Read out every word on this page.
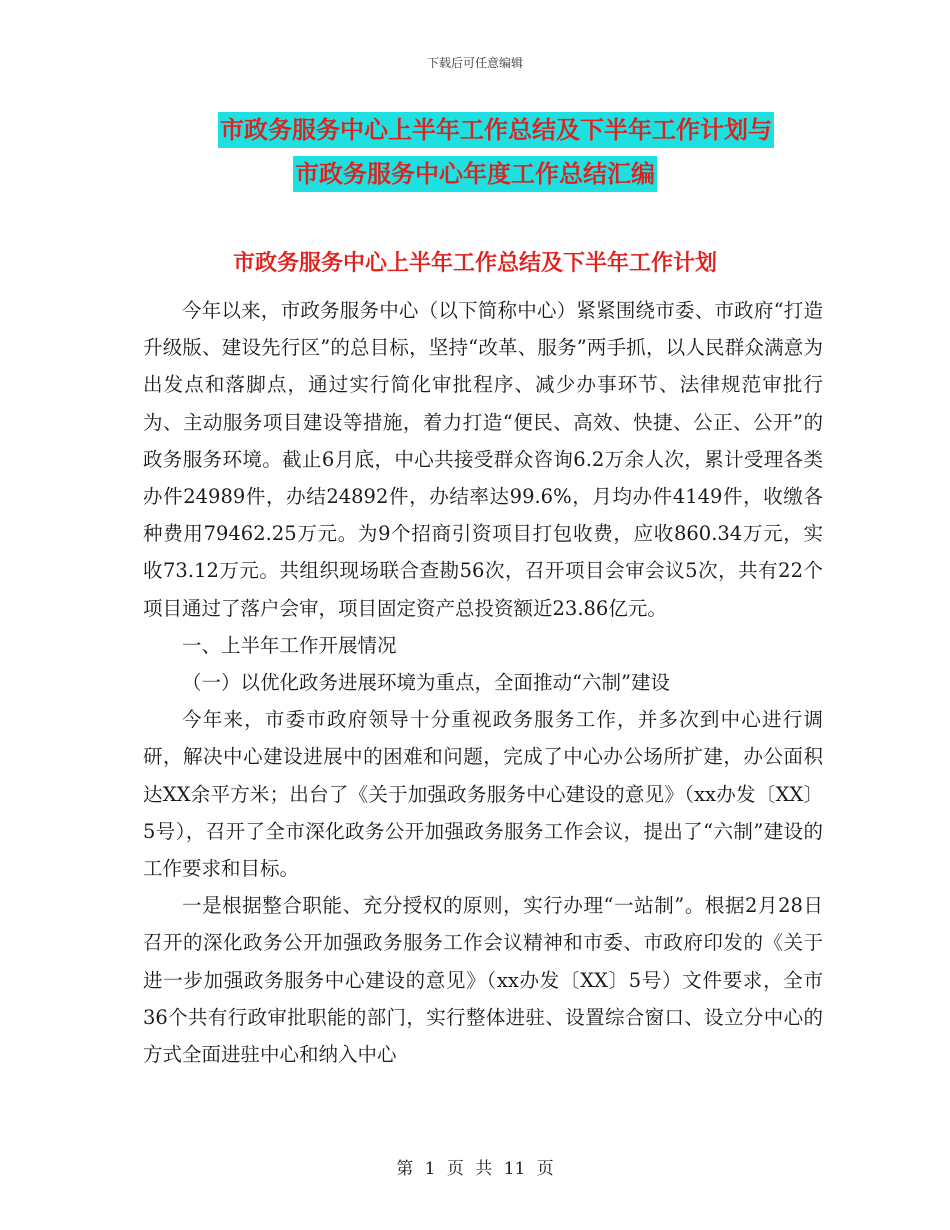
下载后可任意编辑
市政务服务中心上半年工作总结及下半年工作计划与
市政务服务中心年度工作总结汇编
市政务服务中心上半年工作总结及下半年工作计划

今年以来，市政务服务中心（以下简称中心）紧紧围绕市委、市政府“打造升级版、建设先行区”的总目标，坚持“改革、服务”两手抓，以人民群众满意为出发点和落脚点，通过实行简化审批程序、减少办事环节、法律规范审批行为、主动服务项目建设等措施，着力打造“便民、高效、快捷、公正、公开”的政务服务环境。截止6月底，中心共接受群众咨询6.2万余人次，累计受理各类办件24989件，办结24892件，办结率达99.6%，月均办件4149件，收缴各种费用79462.25万元。为9个招商引资项目打包收费，应收860.34万元，实收73.12万元。共组织现场联合查勘56次，召开项目会审会议5次，共有22个项目通过了落户会审，项目固定资产总投资额近23.86亿元。

一、上半年工作开展情况

（一）以优化政务进展环境为重点，全面推动“六制”建设

今年来，市委市政府领导十分重视政务服务工作，并多次到中心进行调研，解决中心建设进展中的困难和问题，完成了中心办公场所扩建，办公面积达XX余平方米；出台了《关于加强政务服务中心建设的意见》（xx办发〔XX〕5号），召开了全市深化政务公开加强政务服务工作会议，提出了“六制”建设的工作要求和目标。

一是根据整合职能、充分授权的原则，实行办理“一站制”。根据2月28日召开的深化政务公开加强政务服务工作会议精神和市委、市政府印发的《关于进一步加强政务服务中心建设的意见》（xx办发〔XX〕5号）文件要求，全市36个共有行政审批职能的部门，实行整体进驻、设置综合窗口、设立分中心的方式全面进驻中心和纳入中心

第 1 页 共 11 页
